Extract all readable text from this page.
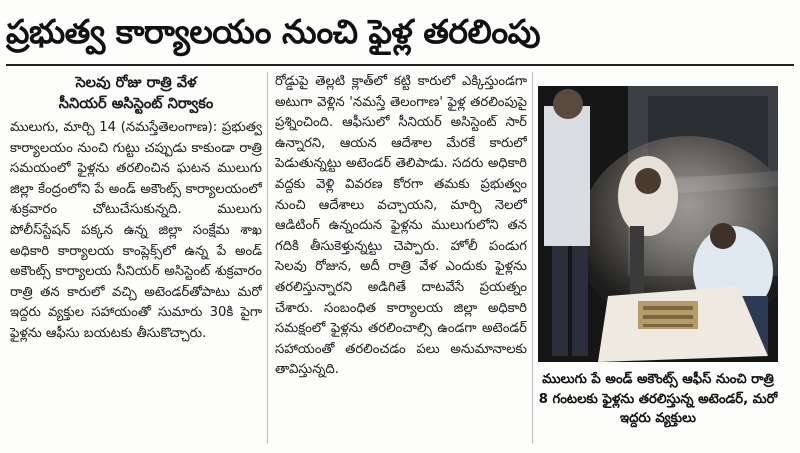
ప్రభుత్వ కార్యాలయం నుంచి ఫైళ్ల తరలింపు
సెలవు రోజు రాత్రి వేళ
సీనియర్ అసిస్టెంట్ నిర్వాకం
ములుగు, మార్చి 14 (నమస్తేతెలంగాణ): ప్రభుత్వ కార్యాలయం నుంచి గుట్టు చప్పుడు కాకుండా రాత్రి సమయంలో ఫైళ్లను తరలించిన ఘటన ములుగు జిల్లా కేంద్రంలోని పే అండ్ అకౌంట్స్ కార్యాలయంలో శుక్రవారం చోటుచేసుకున్నది. ములుగు పోలీస్‌స్టేషన్ పక్కన ఉన్న జిల్లా సంక్షేమ శాఖ అధికారి కార్యాలయ కాంప్లెక్స్‌లో ఉన్న పే అండ్ అకౌంట్స్ కార్యాలయ సీనియర్ అసిస్టెంట్ శుక్రవారం రాత్రి తన కారులో వచ్చి అటెండర్‌తోపాటు మరో ఇద్దరు వ్యక్తుల సహాయంతో సుమారు 30కి పైగా ఫైళ్లను ఆఫీసు బయటకు తీసుకొచ్చారు.
రోడ్డుపై తెల్లటి క్లాత్‌లో కట్టి కారులో ఎక్కిస్తుండగా అటుగా వెళ్లిన 'నమస్తే తెలంగాణ' ఫైళ్ల తరలింపుపై ప్రశ్నించింది. ఆఫీసులో సీనియర్ అసిస్టెంట్ సార్ ఉన్నారని, ఆయన ఆదేశాల మేరకే కారులో పెడుతున్నట్టు అటెండర్ తెలిపాడు. సదరు అధికారి వద్దకు వెళ్లి వివరణ కోరగా తమకు ప్రభుత్వం నుంచి ఆదేశాలు వచ్చాయని, మార్చి నెలలో ఆడిటింగ్ ఉన్నందున ఫైళ్లను ములుగులోని తన గదికి తీసుకెళ్తున్నట్టు చెప్పారు. హోలీ పండుగ సెలవు రోజున, అదీ రాత్రి వేళ ఎందుకు ఫైళ్లను తరలిస్తున్నారని అడిగితే దాటవేసే ప్రయత్నం చేశారు. సంబంధిత కార్యాలయ జిల్లా అధికారి సమక్షంలో ఫైళ్లను తరలించాల్సి ఉండగా అటెండర్ సహాయంతో తరలించడం పలు అనుమానాలకు తావిస్తున్నది.
ములుగు పే అండ్ అకౌంట్స్ ఆఫీస్ నుంచి రాత్రి 8 గంటలకు ఫైళ్లను తరలిస్తున్న అటెండర్, మరో ఇద్దరు వ్యక్తులు
